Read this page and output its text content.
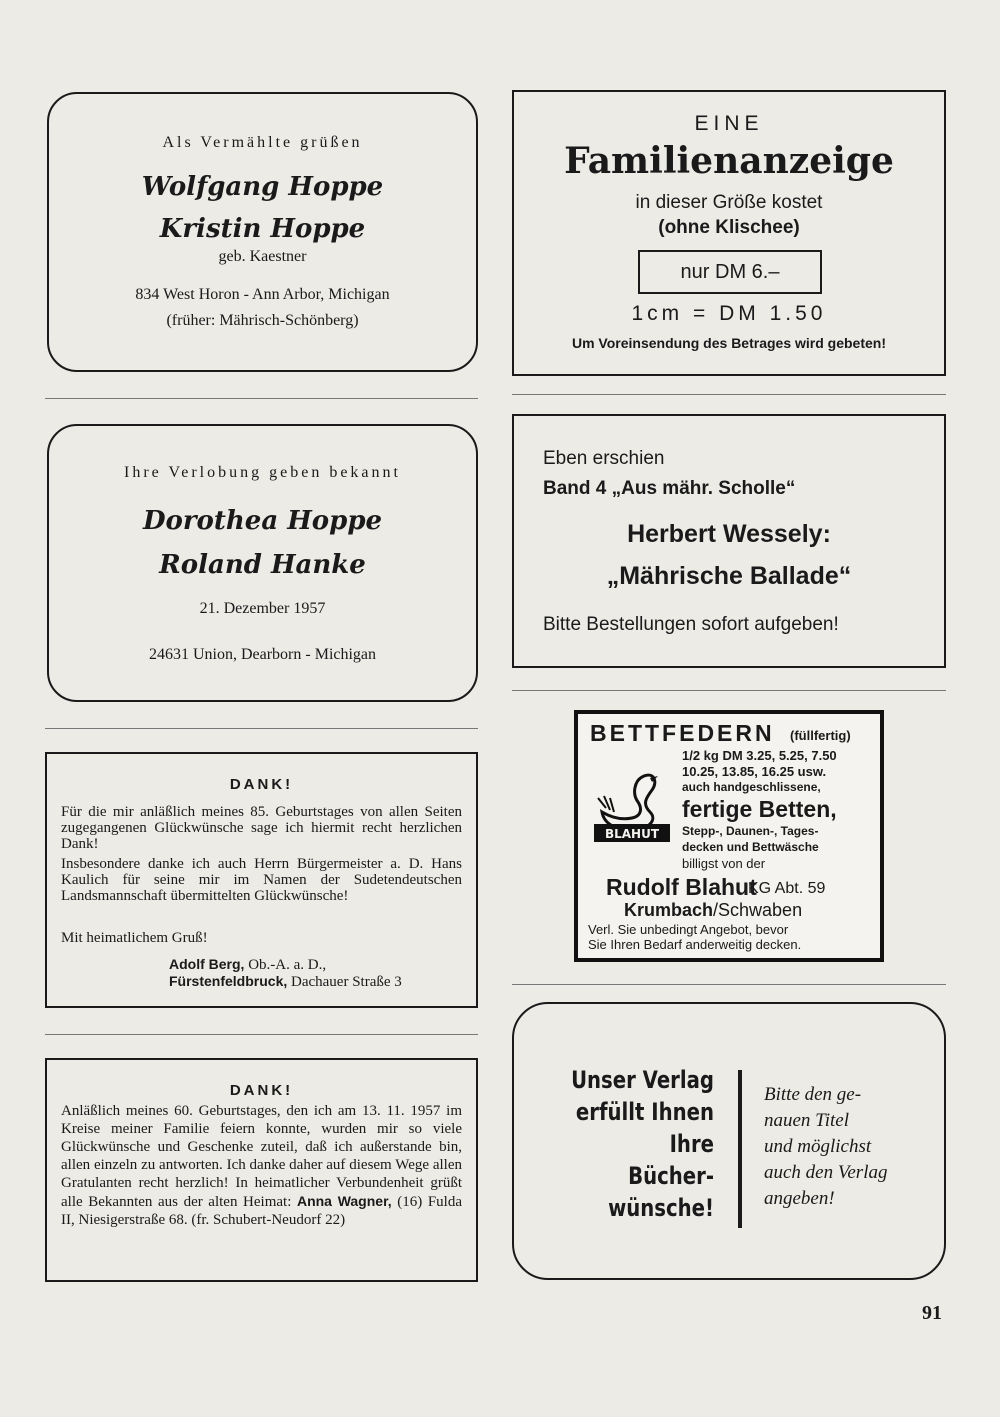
Als Vermählte grüßen
Wolfgang Hoppe
Kristin Hoppe
geb. Kaestner
834 West Horon - Ann Arbor, Michigan
(früher: Mährisch-Schönberg)
EINE
Familienanzeige
in dieser Größe kostet
(ohne Klischee)
nur DM 6.–
1cm = DM 1.50
Um Voreinsendung des Betrages wird gebeten!
Ihre Verlobung geben bekannt
Dorothea Hoppe
Roland Hanke
21. Dezember 1957
24631 Union, Dearborn - Michigan
Eben erschien
Band 4 „Aus mähr. Scholle“
Herbert Wessely:
„Mährische Ballade“
Bitte Bestellungen sofort aufgeben!
DANK!
Für die mir anläßlich meines 85. Geburtstages von allen Seiten zugegangenen Glückwünsche sage ich hiermit recht herzlichen Dank!
Insbesondere danke ich auch Herrn Bürgermeister a. D. Hans Kaulich für seine mir im Namen der Sudetendeutschen Landsmannschaft übermittelten Glückwünsche!
Mit heimatlichem Gruß!
Adolf Berg, Ob.-A. a. D.,
Fürstenfeldbruck, Dachauer Straße 3
BETTFEDERN (füllfertig)
1/2 kg DM 3.25, 5.25, 7.50
10.25, 13.85, 16.25 usw.
auch handgeschlissene,
fertige Betten,
Stepp-, Daunen-, Tages-
decken und Bettwäsche
billigst von der
BLAHUT
Rudolf Blahut
KG Abt. 59
Krumbach/Schwaben
Verl. Sie unbedingt Angebot, bevor
Sie Ihren Bedarf anderweitig decken.
DANK!
Anläßlich meines 60. Geburtstages, den ich am 13. 11. 1957 im Kreise meiner Familie feiern konnte, wurden mir so viele Glückwünsche und Geschenke zuteil, daß ich außerstande bin, allen einzeln zu antworten. Ich danke daher auf diesem Wege allen Gratulanten recht herzlich! In heimatlicher Verbundenheit grüßt alle Bekannten aus der alten Heimat: Anna Wagner, (16) Fulda II, Niesigerstraße 68. (fr. Schubert-Neudorf 22)
Unser Verlag
erfüllt Ihnen
Ihre
Bücher-
wünsche!
Bitte den ge-
nauen Titel
und möglichst
auch den Verlag
angeben!
91
